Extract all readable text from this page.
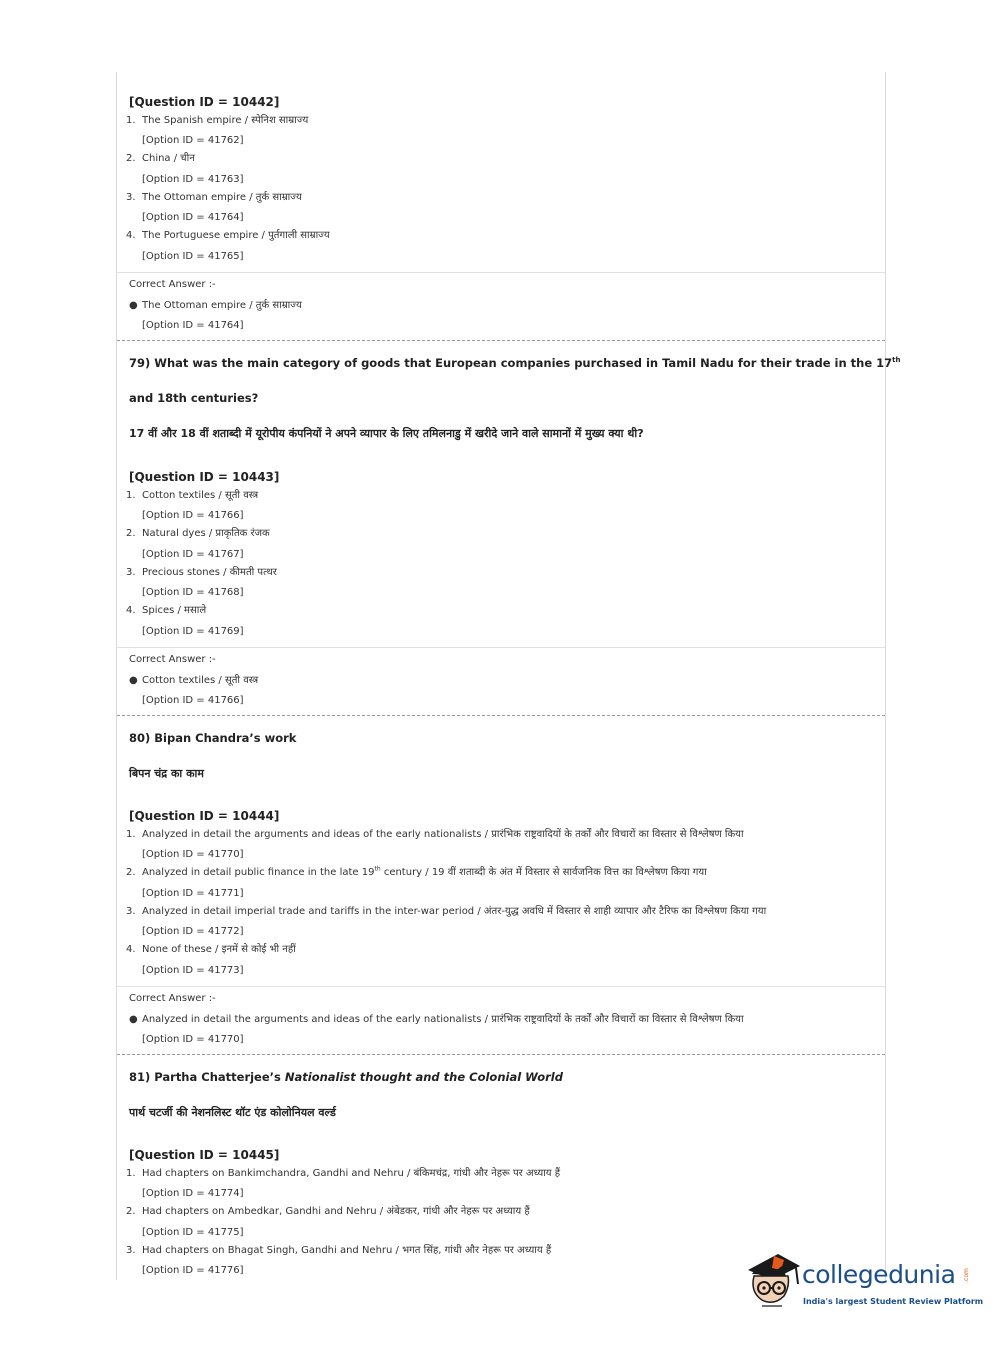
[Question ID = 10442]
1. The Spanish empire / स्पेनिश साम्राज्य
[Option ID = 41762]
2. China / चीन
[Option ID = 41763]
3. The Ottoman empire / तुर्क साम्राज्य
[Option ID = 41764]
4. The Portuguese empire / पुर्तगाली साम्राज्य
[Option ID = 41765]
Correct Answer :-
● The Ottoman empire / तुर्क साम्राज्य
[Option ID = 41764]
79) What was the main category of goods that European companies purchased in Tamil Nadu for their trade in the 17th
and 18th centuries?
17 वीं और 18 वीं शताब्दी में यूरोपीय कंपनियों ने अपने व्यापार के लिए तमिलनाडु में खरीदे जाने वाले सामानों में मुख्य क्या थी?
[Question ID = 10443]
1. Cotton textiles / सूती वस्त्र
[Option ID = 41766]
2. Natural dyes / प्राकृतिक रंजक
[Option ID = 41767]
3. Precious stones / कीमती पत्थर
[Option ID = 41768]
4. Spices / मसाले
[Option ID = 41769]
Correct Answer :-
● Cotton textiles / सूती वस्त्र
[Option ID = 41766]
80) Bipan Chandra’s work
बिपन चंद्र का काम
[Question ID = 10444]
1. Analyzed in detail the arguments and ideas of the early nationalists / प्रारंभिक राष्ट्रवादियों के तर्कों और विचारों का विस्तार से विश्लेषण किया
[Option ID = 41770]
2. Analyzed in detail public finance in the late 19th century / 19 वीं शताब्दी के अंत में विस्तार से सार्वजनिक वित्त का विश्लेषण किया गया
[Option ID = 41771]
3. Analyzed in detail imperial trade and tariffs in the inter-war period / अंतर-युद्ध अवधि में विस्तार से शाही व्यापार और टैरिफ का विश्लेषण किया गया
[Option ID = 41772]
4. None of these / इनमें से कोई भी नहीं
[Option ID = 41773]
Correct Answer :-
● Analyzed in detail the arguments and ideas of the early nationalists / प्रारंभिक राष्ट्रवादियों के तर्कों और विचारों का विस्तार से विश्लेषण किया
[Option ID = 41770]
81) Partha Chatterjee’s Nationalist thought and the Colonial World
पार्थ चटर्जी की नेशनलिस्ट थॉट एंड कोलोनियल वर्ल्ड
[Question ID = 10445]
1. Had chapters on Bankimchandra, Gandhi and Nehru / बंकिमचंद्र, गांधी और नेहरू पर अध्याय हैं
[Option ID = 41774]
2. Had chapters on Ambedkar, Gandhi and Nehru / अंबेडकर, गांधी और नेहरू पर अध्याय हैं
[Option ID = 41775]
3. Had chapters on Bhagat Singh, Gandhi and Nehru / भगत सिंह, गांधी और नेहरू पर अध्याय हैं
[Option ID = 41776]	collegedunia .com
India's largest Student Review Platform
